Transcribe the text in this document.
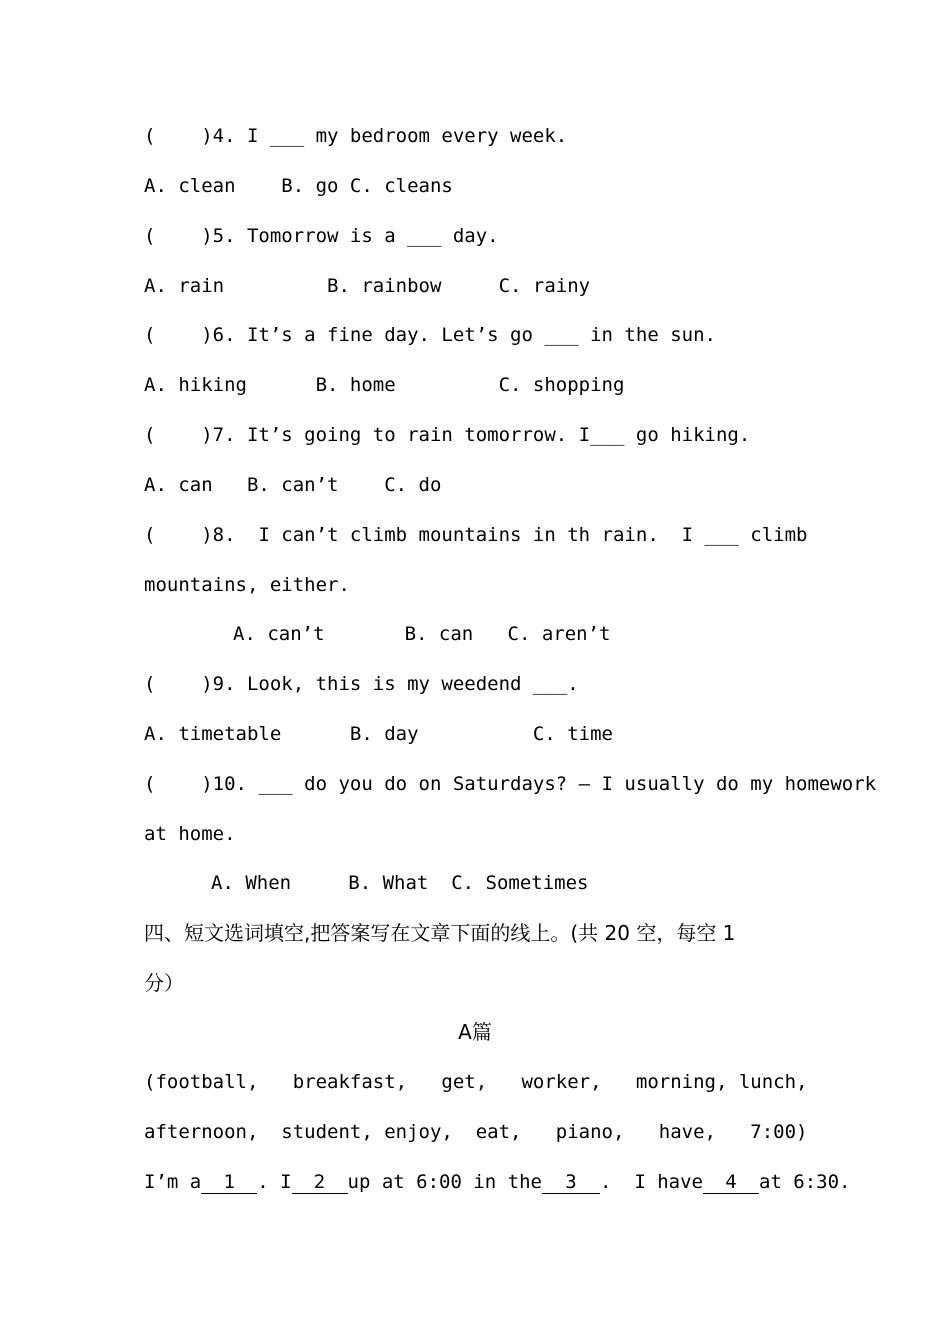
(    )4. I ___ my bedroom every week.
A. clean    B. go C. cleans
(    )5. Tomorrow is a ___ day.
A. rain         B. rainbow     C. rainy
(    )6. It’s a fine day. Let’s go ___ in the sun.
A. hiking      B. home         C. shopping
(    )7. It’s going to rain tomorrow. I___ go hiking.
A. can   B. can’t    C. do
(    )8.  I can’t climb mountains in th rain.  I ___ climb
mountains, either.
A. can’t       B. can   C. aren’t
(    )9. Look, this is my weedend ___.
A. timetable      B. day          C. time
(    )10. ___ do you do on Saturdays? – I usually do my homework
at home.
A. When     B. What  C. Sometimes
四、短文选词填空,把答案写在文章下面的线上。(共 20 空，每空 1
分）
A篇
(football,   breakfast,   get,   worker,   morning, lunch,
afternoon,  student, enjoy,  eat,   piano,   have,   7:00)
I’m a 1 . I 2 up at 6:00 in the 3 .  I have 4 at 6:30.
